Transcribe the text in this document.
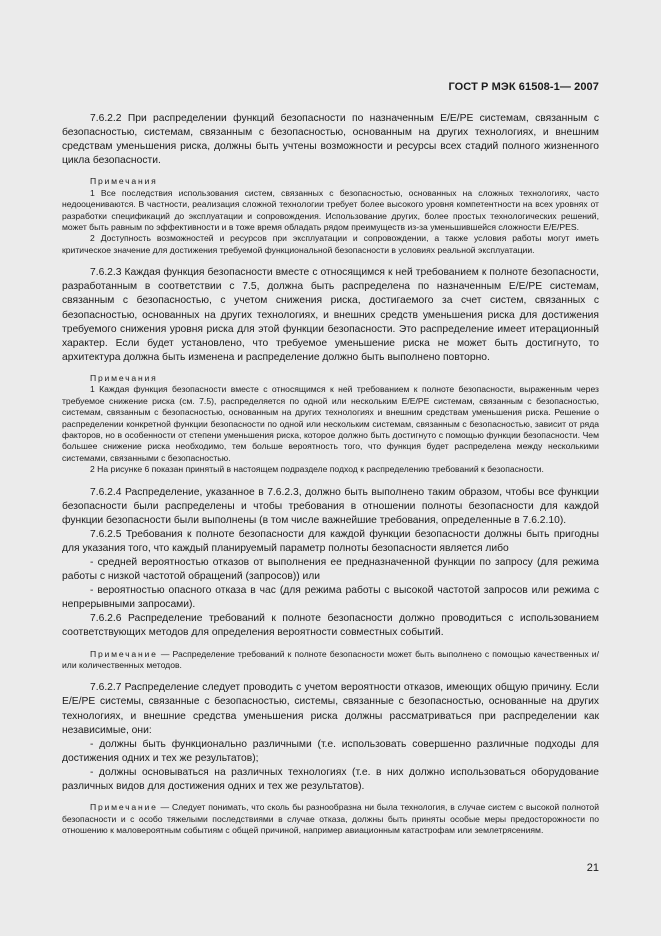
ГОСТ Р МЭК 61508-1— 2007

7.6.2.2 При распределении функций безопасности по назначенным E/E/PE системам, связанным с безопасностью, системам, связанным с безопасностью, основанным на других технологиях, и внешним средствам уменьшения риска, должны быть учтены возможности и ресурсы всех стадий полного жизненного цикла безопасности.

Примечания

1 Все последствия использования систем, связанных с безопасностью, основанных на сложных технологиях, часто недооцениваются. В частности, реализация сложной технологии требует более высокого уровня компетентности на всех уровнях от разработки спецификаций до эксплуатации и сопровождения. Использование других, более простых технологических решений, может быть равным по эффективности и в тоже время обладать рядом преимуществ из-за уменьшившейся сложности E/E/PES.

2 Доступность возможностей и ресурсов при эксплуатации и сопровождении, а также условия работы могут иметь критическое значение для достижения требуемой функциональной безопасности в условиях реальной эксплуатации.

7.6.2.3 Каждая функция безопасности вместе с относящимся к ней требованием к полноте безопасности, разработанным в соответствии с 7.5, должна быть распределена по назначенным E/E/PE системам, связанным с безопасностью, с учетом снижения риска, достигаемого за счет систем, связанных с безопасностью, основанных на других технологиях, и внешних средств уменьшения риска для достижения требуемого снижения уровня риска для этой функции безопасности. Это распределение имеет итерационный характер. Если будет установлено, что требуемое уменьшение риска не может быть достигнуто, то архитектура должна быть изменена и распределение должно быть выполнено повторно.

Примечания

1 Каждая функция безопасности вместе с относящимся к ней требованием к полноте безопасности, выраженным через требуемое снижение риска (см. 7.5), распределяется по одной или нескольким E/E/PE системам, связанным с безопасностью, системам, связанным с безопасностью, основанным на других технологиях и внешним средствам уменьшения риска. Решение о распределении конкретной функции безопасности по одной или нескольким системам, связанным с безопасностью, зависит от ряда факторов, но в особенности от степени уменьшения риска, которое должно быть достигнуто с помощью функции безопасности. Чем большее снижение риска необходимо, тем больше вероятность того, что функция будет распределена между несколькими системами, связанными с безопасностью.

2 На рисунке 6 показан принятый в настоящем подразделе подход к распределению требований к безопасности.

7.6.2.4 Распределение, указанное в 7.6.2.3, должно быть выполнено таким образом, чтобы все функции безопасности были распределены и чтобы требования в отношении полноты безопасности для каждой функции безопасности были выполнены (в том числе важнейшие требования, определенные в 7.6.2.10).

7.6.2.5 Требования к полноте безопасности для каждой функции безопасности должны быть пригодны для указания того, что каждый планируемый параметр полноты безопасности является либо

- средней вероятностью отказов от выполнения ее предназначенной функции по запросу (для режима работы с низкой частотой обращений (запросов)) или

- вероятностью опасного отказа в час (для режима работы с высокой частотой запросов или режима с непрерывными запросами).

7.6.2.6 Распределение требований к полноте безопасности должно проводиться с использованием соответствующих методов для определения вероятности совместных событий.

Примечание — Распределение требований к полноте безопасности может быть выполнено с помощью качественных и/или количественных методов.

7.6.2.7 Распределение следует проводить с учетом вероятности отказов, имеющих общую причину. Если E/E/PE системы, связанные с безопасностью, системы, связанные с безопасностью, основанные на других технологиях, и внешние средства уменьшения риска должны рассматриваться при распределении как независимые, они:

- должны быть функционально различными (т.е. использовать совершенно различные подходы для достижения одних и тех же результатов);

- должны основываться на различных технологиях (т.е. в них должно использоваться оборудование различных видов для достижения одних и тех же результатов).

Примечание — Следует понимать, что сколь бы разнообразна ни была технология, в случае систем с высокой полнотой безопасности и с особо тяжелыми последствиями в случае отказа, должны быть приняты особые меры предосторожности по отношению к маловероятным событиям с общей причиной, например авиационным катастрофам или землетрясениям.

21
